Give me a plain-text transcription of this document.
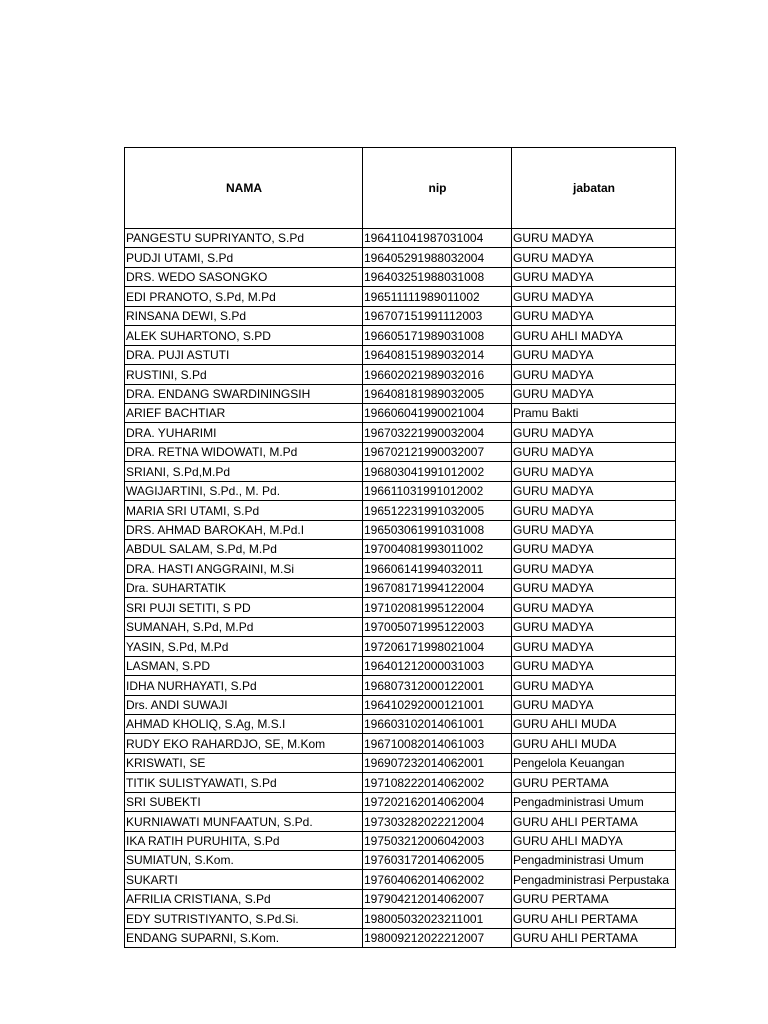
NAMA	nip	jabatan
PANGESTU SUPRIYANTO, S.Pd	196411041987031004	GURU MADYA
PUDJI UTAMI, S.Pd	196405291988032004	GURU MADYA
DRS. WEDO SASONGKO	196403251988031008	GURU MADYA
EDI PRANOTO, S.Pd, M.Pd	196511111989011002	GURU MADYA
RINSANA DEWI, S.Pd	196707151991112003	GURU MADYA
ALEK SUHARTONO, S.PD	196605171989031008	GURU AHLI MADYA
DRA. PUJI ASTUTI	196408151989032014	GURU MADYA
RUSTINI, S.Pd	196602021989032016	GURU MADYA
DRA. ENDANG SWARDININGSIH	196408181989032005	GURU MADYA
ARIEF BACHTIAR	196606041990021004	Pramu Bakti
DRA. YUHARIMI	196703221990032004	GURU MADYA
DRA. RETNA WIDOWATI, M.Pd	196702121990032007	GURU MADYA
SRIANI, S.Pd,M.Pd	196803041991012002	GURU MADYA
WAGIJARTINI, S.Pd., M. Pd.	196611031991012002	GURU MADYA
MARIA SRI UTAMI, S.Pd	196512231991032005	GURU MADYA
DRS. AHMAD BAROKAH, M.Pd.I	196503061991031008	GURU MADYA
ABDUL SALAM, S.Pd, M.Pd	197004081993011002	GURU MADYA
DRA. HASTI ANGGRAINI, M.Si	196606141994032011	GURU MADYA
Dra. SUHARTATIK	196708171994122004	GURU MADYA
SRI PUJI SETITI, S PD	197102081995122004	GURU MADYA
SUMANAH, S.Pd, M.Pd	197005071995122003	GURU MADYA
YASIN, S.Pd, M.Pd	197206171998021004	GURU MADYA
LASMAN, S.PD	196401212000031003	GURU MADYA
IDHA NURHAYATI, S.Pd	196807312000122001	GURU MADYA
Drs. ANDI SUWAJI	196410292000121001	GURU MADYA
AHMAD KHOLIQ, S.Ag, M.S.I	196603102014061001	GURU AHLI MUDA
RUDY EKO RAHARDJO, SE, M.Kom	196710082014061003	GURU AHLI MUDA
KRISWATI, SE	196907232014062001	Pengelola Keuangan
TITIK SULISTYAWATI, S.Pd	197108222014062002	GURU PERTAMA
SRI SUBEKTI	197202162014062004	Pengadministrasi Umum
KURNIAWATI MUNFAATUN, S.Pd.	197303282022212004	GURU AHLI PERTAMA
IKA RATIH PURUHITA, S.Pd	197503212006042003	GURU AHLI MADYA
SUMIATUN, S.Kom.	197603172014062005	Pengadministrasi Umum
SUKARTI	197604062014062002	Pengadministrasi Perpustaka
AFRILIA CRISTIANA, S.Pd	197904212014062007	GURU PERTAMA
EDY SUTRISTIYANTO, S.Pd.Si.	198005032023211001	GURU AHLI PERTAMA
ENDANG SUPARNI, S.Kom.	198009212022212007	GURU AHLI PERTAMA
